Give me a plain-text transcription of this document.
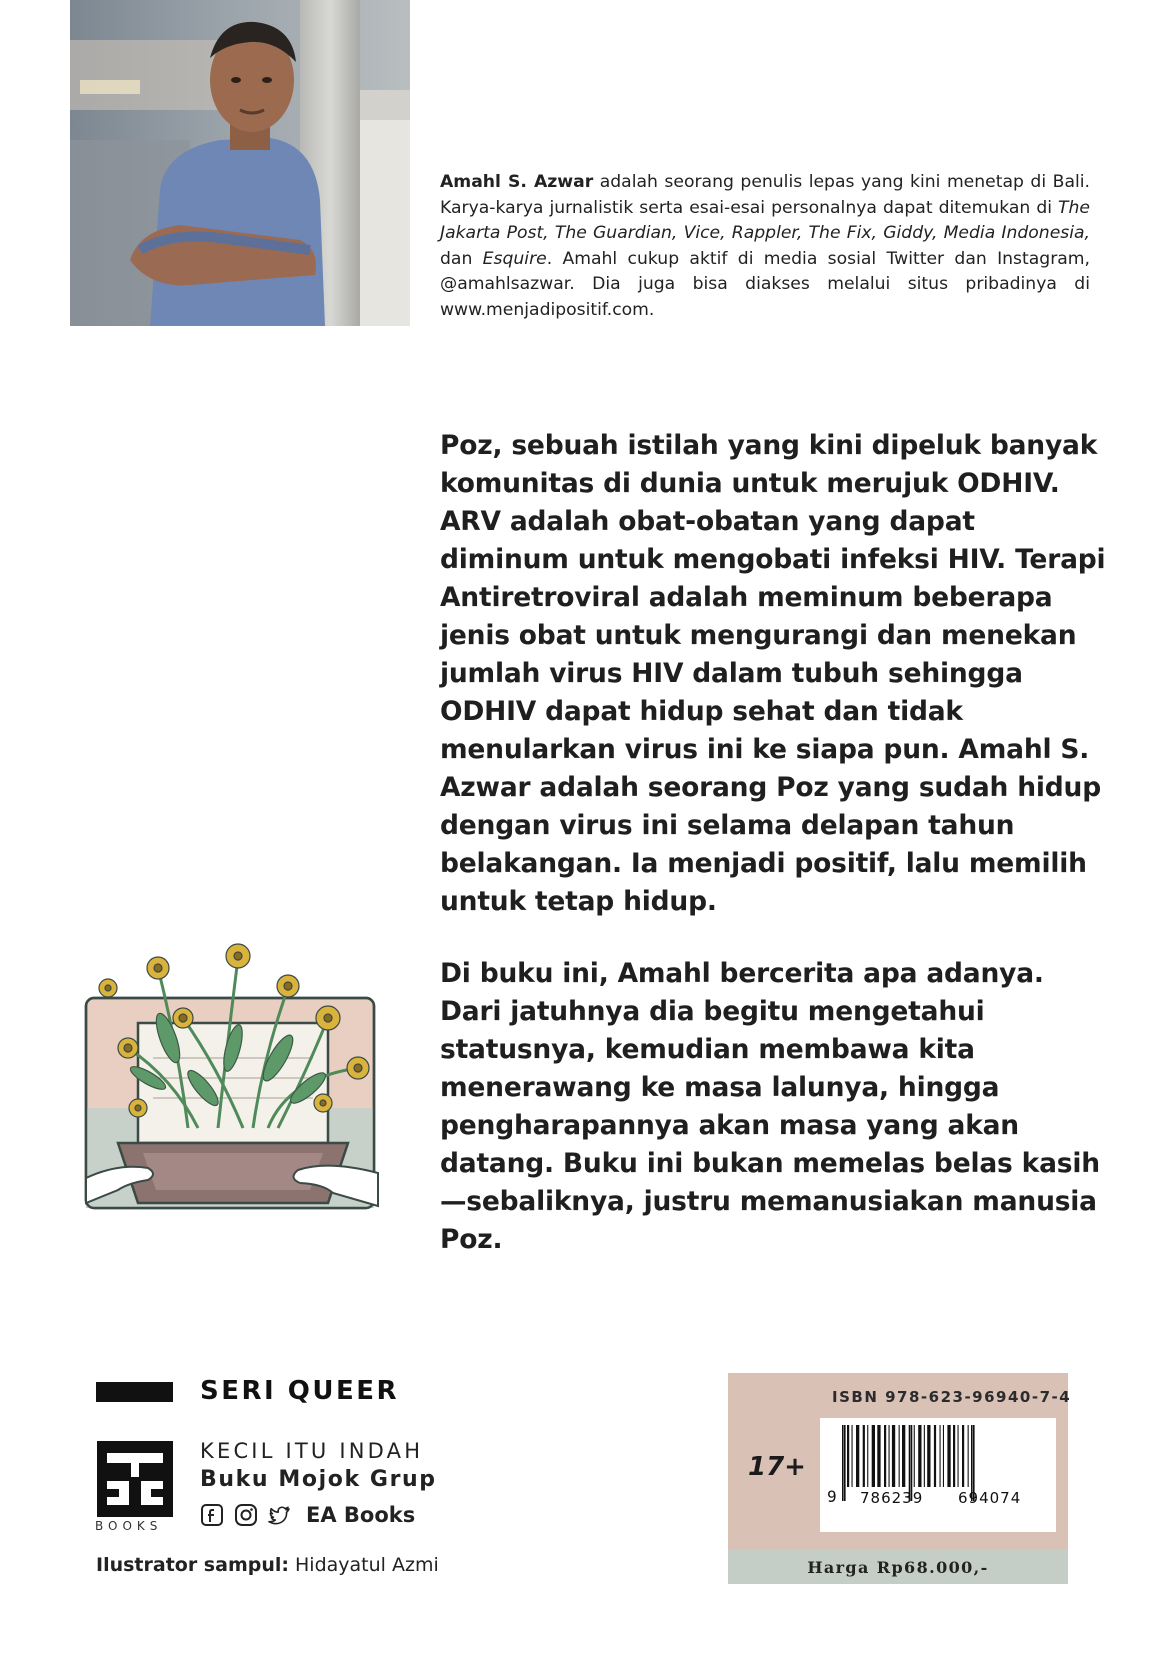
Amahl S. Azwar adalah seorang penulis lepas yang kini menetap di Bali. Karya-karya jurnalistik serta esai-esai personalnya dapat ditemukan di The Jakarta Post, The Guardian, Vice, Rappler, The Fix, Giddy, Media Indonesia, dan Esquire. Amahl cukup aktif di media sosial Twitter dan Instagram, @amahlsazwar. Dia juga bisa diakses melalui situs pribadinya di www.menjadipositif.com.

Poz, sebuah istilah yang kini dipeluk banyak komunitas di dunia untuk merujuk ODHIV. ARV adalah obat-obatan yang dapat diminum untuk mengobati infeksi HIV. Terapi Antiretroviral adalah meminum beberapa jenis obat untuk mengurangi dan menekan jumlah virus HIV dalam tubuh sehingga ODHIV dapat hidup sehat dan tidak menularkan virus ini ke siapa pun. Amahl S. Azwar adalah seorang Poz yang sudah hidup dengan virus ini selama delapan tahun belakangan. Ia menjadi positif, lalu memilih untuk tetap hidup.

Di buku ini, Amahl bercerita apa adanya. Dari jatuhnya dia begitu mengetahui statusnya, kemudian membawa kita menerawang ke masa lalunya, hingga pengharapannya akan masa yang akan datang. Buku ini bukan memelas belas kasih—sebaliknya, justru memanusiakan manusia Poz.

SERI QUEER
BOOKS
KECIL ITU INDAH
Buku Mojok Grup
EA Books
Ilustrator sampul: Hidayatul Azmi
ISBN 978-623-96940-7-4
17+
9 786239 694074
Harga Rp68.000,-
